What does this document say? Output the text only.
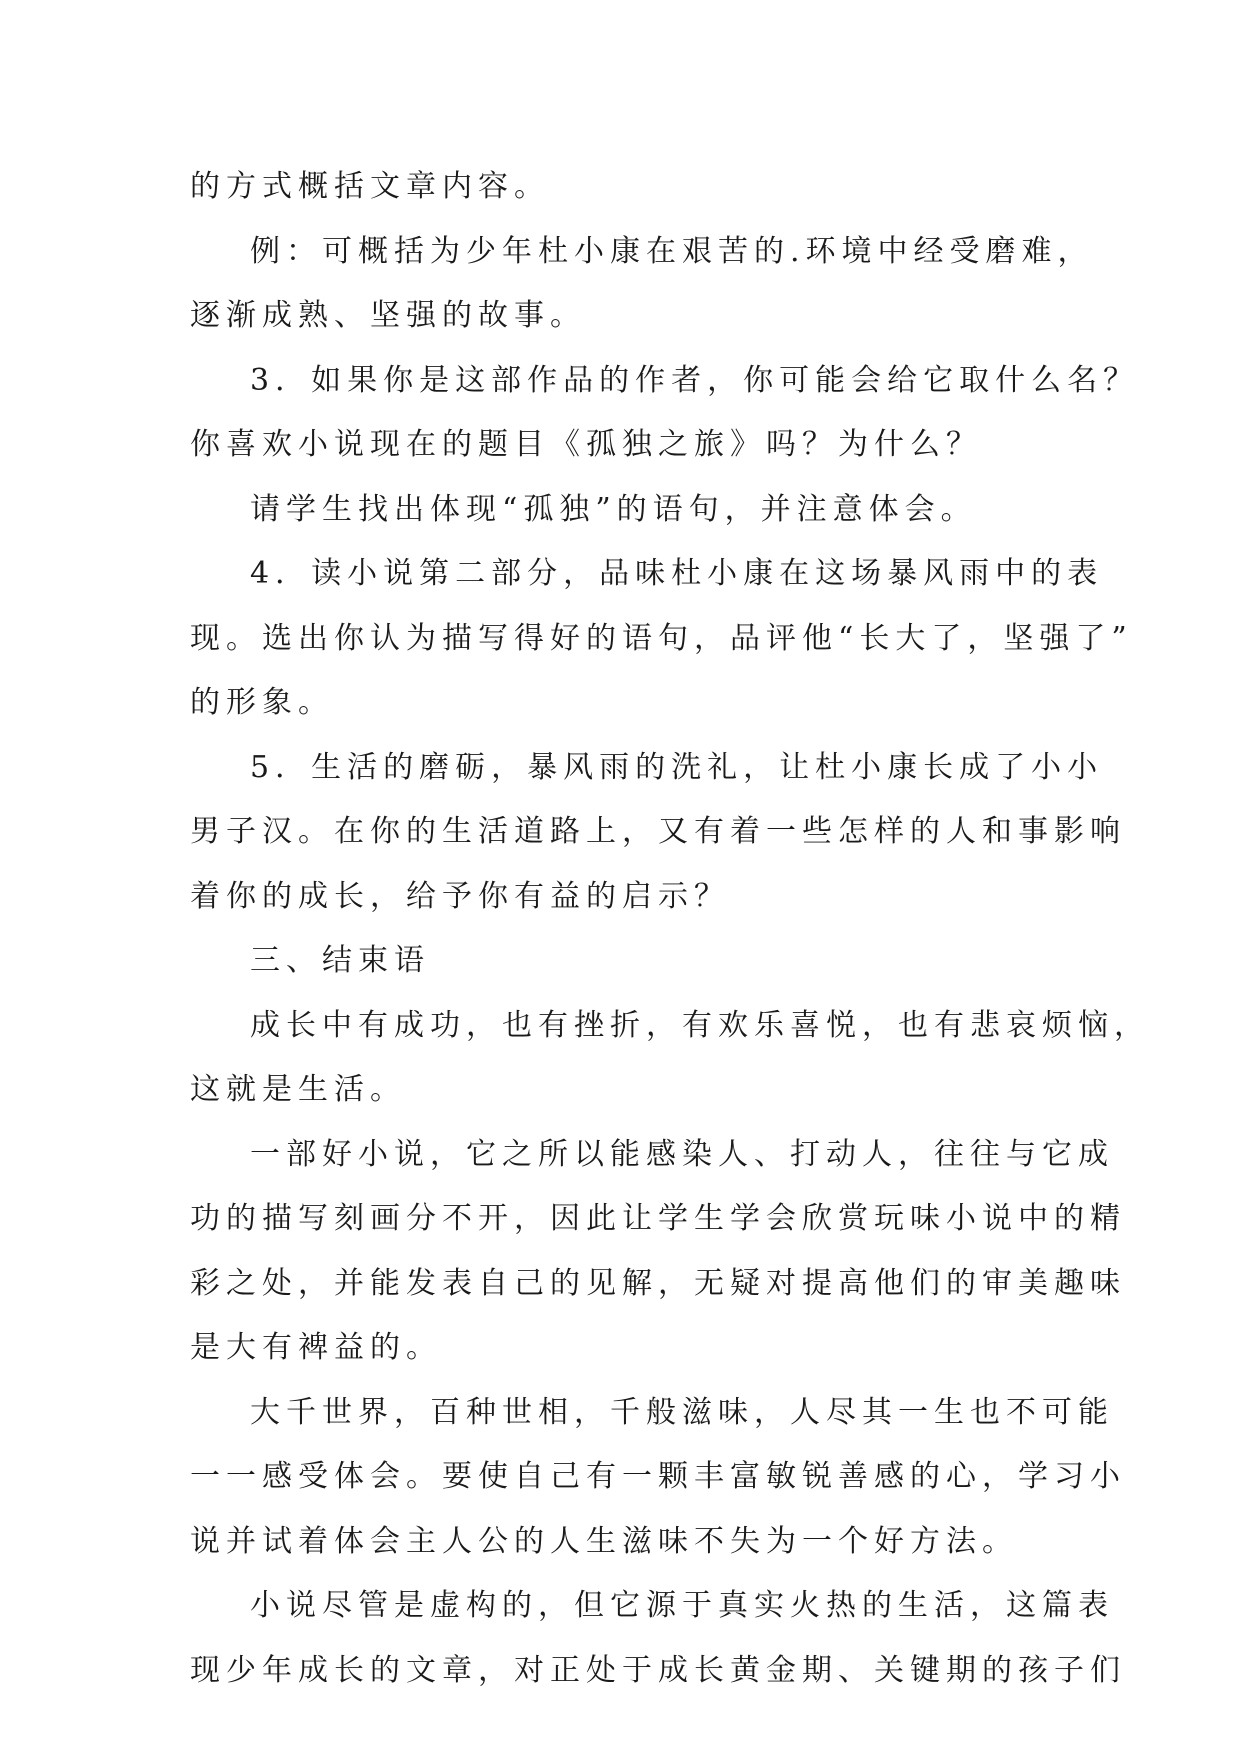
的方式概括文章内容。
例：可概括为少年杜小康在艰苦的.环境中经受磨难，
逐渐成熟、坚强的故事。
3．如果你是这部作品的作者，你可能会给它取什么名？
你喜欢小说现在的题目《孤独之旅》吗？为什么？
请学生找出体现“孤独”的语句，并注意体会。
4．读小说第二部分，品味杜小康在这场暴风雨中的表
现。选出你认为描写得好的语句，品评他“长大了，坚强了”
的形象。
5．生活的磨砺，暴风雨的洗礼，让杜小康长成了小小
男子汉。在你的生活道路上，又有着一些怎样的人和事影响
着你的成长，给予你有益的启示？
三、结束语
成长中有成功，也有挫折，有欢乐喜悦，也有悲哀烦恼，
这就是生活。
一部好小说，它之所以能感染人、打动人，往往与它成
功的描写刻画分不开，因此让学生学会欣赏玩味小说中的精
彩之处，并能发表自己的见解，无疑对提高他们的审美趣味
是大有裨益的。
大千世界，百种世相，千般滋味，人尽其一生也不可能
一一感受体会。要使自己有一颗丰富敏锐善感的心，学习小
说并试着体会主人公的人生滋味不失为一个好方法。
小说尽管是虚构的，但它源于真实火热的生活，这篇表
现少年成长的文章，对正处于成长黄金期、关键期的孩子们
